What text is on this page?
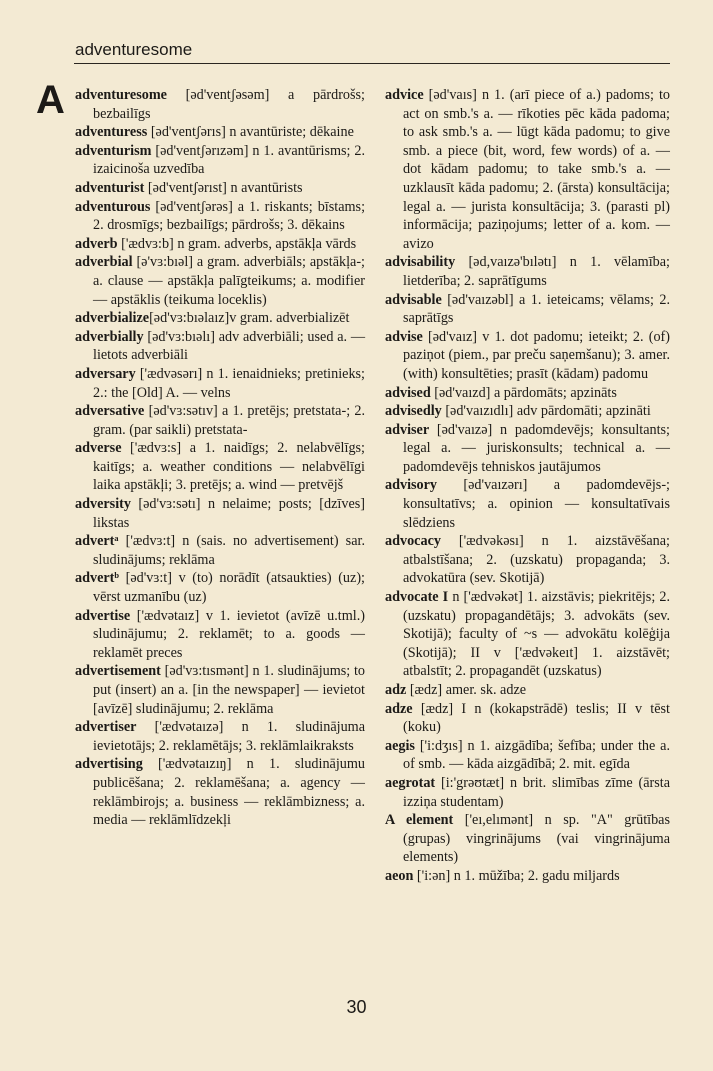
adventuresome
A adventuresome [əd'ventʃəsəm] a pārdrošs; bezbailīgs

adventuress [əd'ventʃərıs] n avantūriste; dēkaine

adventurism [əd'ventʃərızəm] n 1. avantūrisms; 2. izaicinoša uzvedība

adventurist [əd'ventʃərıst] n avantūrists

adventurous [əd'ventʃərəs] a 1. riskants; bīstams; 2. drosmīgs; bezbailīgs; pārdrošs; 3. dēkains

adverb ['ædvɜ:b] n gram. adverbs, apstākļa vārds

adverbial [ə'vɜ:bıəl] a gram. adverbiāls; apstākļa-; a. clause — apstākļa palīgteikums; a. modifier — apstāklis (teikuma loceklis)

adverbialize[əd'vɜ:bıəlaız]v gram. adverbializēt

adverbially [əd'vɜ:bıəlı] adv adverbiāli; used a. — lietots adverbiāli

adversary ['ædvəsərı] n 1. ienaidnieks; pretinieks; 2.: the [Old] A. — velns

adversative [əd'vɜ:sətıv] a 1. pretējs; pretstata-; 2. gram. (par saikli) pretstata-

adverse ['ædvɜ:s] a 1. naidīgs; 2. nelabvēlīgs; kaitīgs; a. weather conditions — nelabvēlīgi laika apstākļi; 3. pretējs; a. wind — pretvējš

adversity [əd'vɜ:sətı] n nelaime; posts; [dzīves] likstas

advertᵃ ['ædvɜ:t] n (sais. no advertisement) sar. sludinājums; reklāma

advertᵇ [əd'vɜ:t] v (to) norādīt (atsaukties) (uz); vērst uzmanību (uz)

advertise ['ædvətaız] v 1. ievietot (avīzē u.tml.) sludinājumu; 2. reklamēt; to a. goods — reklamēt preces

advertisement [əd'vɜ:tısmənt] n 1. sludinājums; to put (insert) an a. [in the newspaper] — ievietot [avīzē] sludinājumu; 2. reklāma

advertiser ['ædvətaızə] n 1. sludinājuma ievietotājs; 2. reklamētājs; 3. reklāmlaikraksts

advertising ['ædvətaızıŋ] n 1. sludinājumu publicēšana; 2. reklamēšana; a. agency — reklāmbirojs; a. business — reklāmbizness; a. media — reklāmlīdzekļi

advice [əd'vaıs] n 1. (arī piece of a.) padoms; to act on smb.'s a. — rīkoties pēc kāda padoma; to ask smb.'s a. — lūgt kāda padomu; to give smb. a piece (bit, word, few words) of a. — dot kādam padomu; to take smb.'s a. — uzklausīt kāda padomu; 2. (ārsta) konsultācija; legal a. — jurista konsultācija; 3. (parasti pl) informācija; paziņojums; letter of a. kom. — avizo

advisability [əd,vaızə'bılətı] n 1. vēlamība; lietderība; 2. saprātīgums

advisable [əd'vaızəbl] a 1. ieteicams; vēlams; 2. saprātīgs

advise [əd'vaız] v 1. dot padomu; ieteikt; 2. (of) paziņot (piem., par preču saņemšanu); 3. amer. (with) konsultēties; prasīt (kādam) padomu

advised [əd'vaızd] a pārdomāts; apzināts

advisedly [əd'vaızıdlı] adv pārdomāti; apzināti

adviser [əd'vaızə] n padomdevējs; konsultants; legal a. — juriskonsults; technical a. — padomdevējs tehniskos jautājumos

advisory [əd'vaızərı] a padomdevējs-; konsultatīvs; a. opinion — konsultatīvais slēdziens

advocacy ['ædvəkəsı] n 1. aizstāvēšana; atbalstīšana; 2. (uzskatu) propaganda; 3. advokatūra (sev. Skotijā)

advocate I n ['ædvəkət] 1. aizstāvis; piekritējs; 2. (uzskatu) propagandētājs; 3. advokāts (sev. Skotijā); faculty of ~s — advokātu kolēģija (Skotijā); II v ['ædvəkeıt] 1. aizstāvēt; atbalstīt; 2. propagandēt (uzskatus)

adz [ædz] amer. sk. adze

adze [ædz] I n (kokapstrādē) teslis; II v tēst (koku)

aegis ['i:dʒıs] n 1. aizgādība; šefība; under the a. of smb. — kāda aizgādībā; 2. mit. egīda

aegrotat [i:'grəʊtæt] n brit. slimības zīme (ārsta izziņa studentam)

A element ['eı,elımənt] n sp. "A" grūtības (grupas) vingrinājums (vai vingrinājuma elements)

aeon ['i:ən] n 1. mūžība; 2. gadu miljards

30
